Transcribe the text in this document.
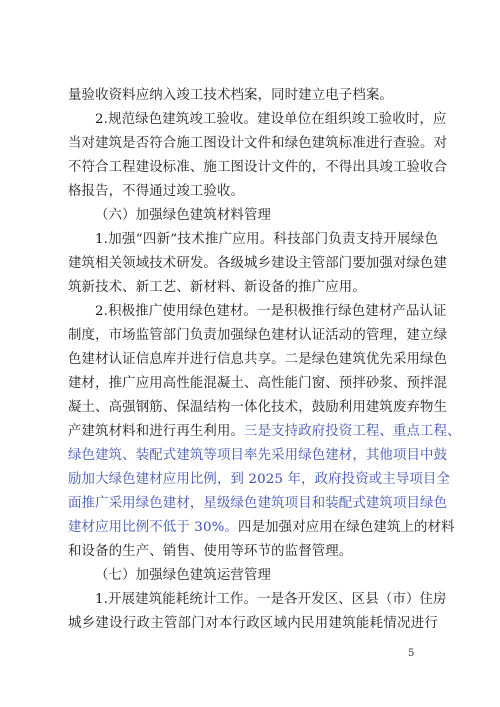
量验收资料应纳入竣工技术档案，同时建立电子档案。
2.规范绿色建筑竣工验收。建设单位在组织竣工验收时，应
当对建筑是否符合施工图设计文件和绿色建筑标准进行查验。对
不符合工程建设标准、施工图设计文件的，不得出具竣工验收合
格报告，不得通过竣工验收。
（六）加强绿色建筑材料管理
1.加强“四新”技术推广应用。科技部门负责支持开展绿色
建筑相关领域技术研发。各级城乡建设主管部门要加强对绿色建
筑新技术、新工艺、新材料、新设备的推广应用。
2.积极推广使用绿色建材。一是积极推行绿色建材产品认证
制度，市场监管部门负责加强绿色建材认证活动的管理，建立绿
色建材认证信息库并进行信息共享。二是绿色建筑优先采用绿色
建材，推广应用高性能混凝土、高性能门窗、预拌砂浆、预拌混
凝土、高强钢筋、保温结构一体化技术，鼓励利用建筑废弃物生
产建筑材料和进行再生利用。三是支持政府投资工程、重点工程、
绿色建筑、装配式建筑等项目率先采用绿色建材，其他项目中鼓
励加大绿色建材应用比例，到 2025 年，政府投资或主导项目全
面推广采用绿色建材，星级绿色建筑项目和装配式建筑项目绿色
建材应用比例不低于 30%。四是加强对应用在绿色建筑上的材料
和设备的生产、销售、使用等环节的监督管理。
（七）加强绿色建筑运营管理
1.开展建筑能耗统计工作。一是各开发区、区县（市）住房
城乡建设行政主管部门对本行政区域内民用建筑能耗情况进行
5
